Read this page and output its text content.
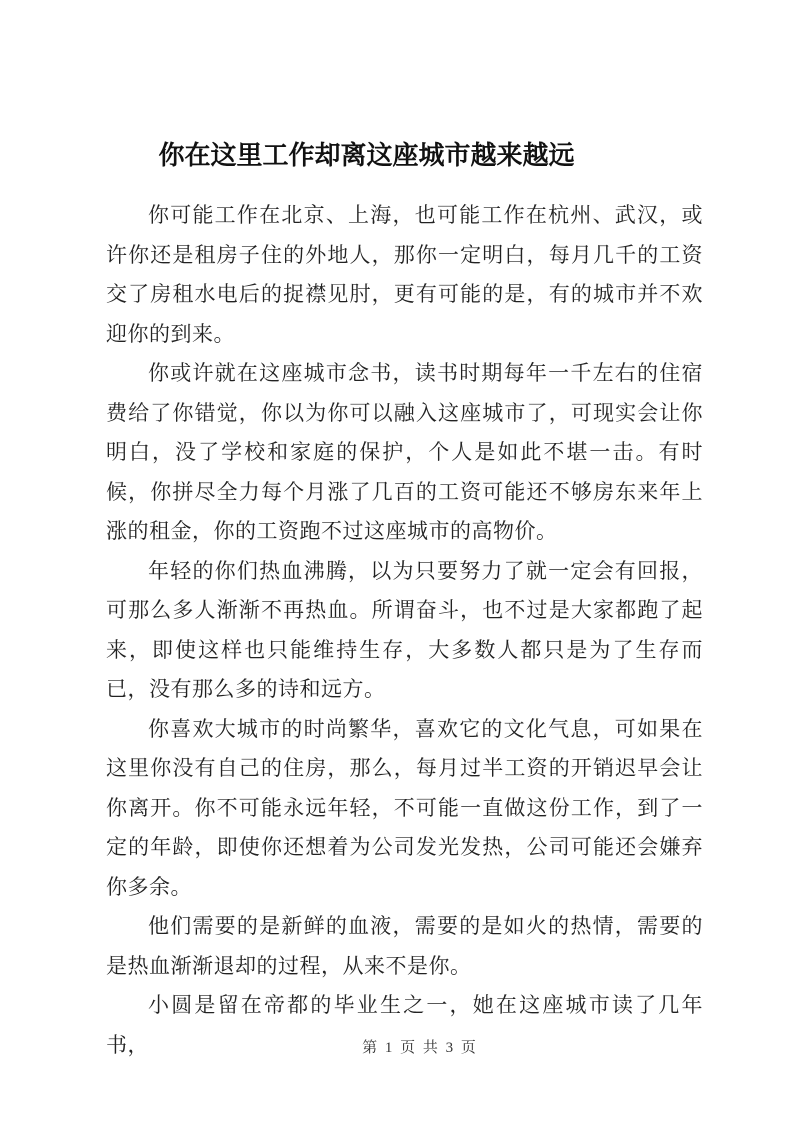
你在这里工作却离这座城市越来越远

你可能工作在北京、上海，也可能工作在杭州、武汉，或许你还是租房子住的外地人，那你一定明白，每月几千的工资交了房租水电后的捉襟见肘，更有可能的是，有的城市并不欢迎你的到来。

你或许就在这座城市念书，读书时期每年一千左右的住宿费给了你错觉，你以为你可以融入这座城市了，可现实会让你明白，没了学校和家庭的保护，个人是如此不堪一击。有时候，你拼尽全力每个月涨了几百的工资可能还不够房东来年上涨的租金，你的工资跑不过这座城市的高物价。

年轻的你们热血沸腾，以为只要努力了就一定会有回报，可那么多人渐渐不再热血。所谓奋斗，也不过是大家都跑了起来，即使这样也只能维持生存，大多数人都只是为了生存而已，没有那么多的诗和远方。

你喜欢大城市的时尚繁华，喜欢它的文化气息，可如果在这里你没有自己的住房，那么，每月过半工资的开销迟早会让你离开。你不可能永远年轻，不可能一直做这份工作，到了一定的年龄，即使你还想着为公司发光发热，公司可能还会嫌弃你多余。

他们需要的是新鲜的血液，需要的是如火的热情，需要的是热血渐渐退却的过程，从来不是你。

小圆是留在帝都的毕业生之一，她在这座城市读了几年书，	第 1 页 共 3 页
